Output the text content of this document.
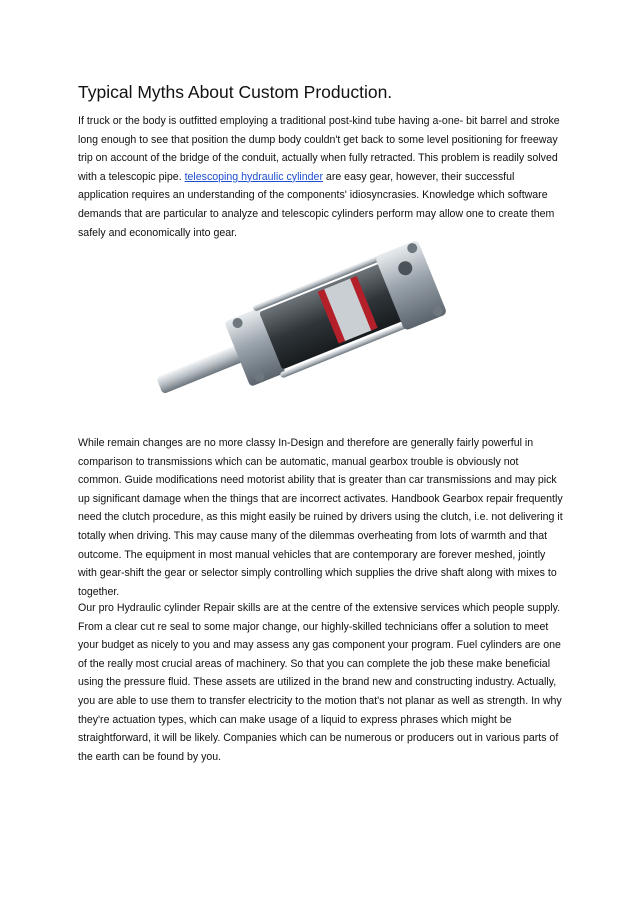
Typical Myths About Custom Production.

If truck or the body is outfitted employing a traditional post-kind tube having a-one- bit barrel and stroke long enough to see that position the dump body couldn't get back to some level positioning for freeway trip on account of the bridge of the conduit, actually when fully retracted. This problem is readily solved with a telescopic pipe. telescoping hydraulic cylinder are easy gear, however, their successful application requires an understanding of the components' idiosyncrasies. Knowledge which software demands that are particular to analyze and telescopic cylinders perform may allow one to create them safely and economically into gear.

While remain changes are no more classy In-Design and therefore are generally fairly powerful in comparison to transmissions which can be automatic, manual gearbox trouble is obviously not common. Guide modifications need motorist ability that is greater than car transmissions and may pick up significant damage when the things that are incorrect activates. Handbook Gearbox repair frequently need the clutch procedure, as this might easily be ruined by drivers using the clutch, i.e. not delivering it totally when driving. This may cause many of the dilemmas overheating from lots of warmth and that outcome. The equipment in most manual vehicles that are contemporary are forever meshed, jointly with gear-shift the gear or selector simply controlling which supplies the drive shaft along with mixes to together.

Our pro Hydraulic cylinder Repair skills are at the centre of the extensive services which people supply. From a clear cut re seal to some major change, our highly-skilled technicians offer a solution to meet your budget as nicely to you and may assess any gas component your program. Fuel cylinders are one of the really most crucial areas of machinery. So that you can complete the job these make beneficial using the pressure fluid. These assets are utilized in the brand new and constructing industry. Actually, you are able to use them to transfer electricity to the motion that's not planar as well as strength. In why they're actuation types, which can make usage of a liquid to express phrases which might be straightforward, it will be likely. Companies which can be numerous or producers out in various parts of the earth can be found by you.
